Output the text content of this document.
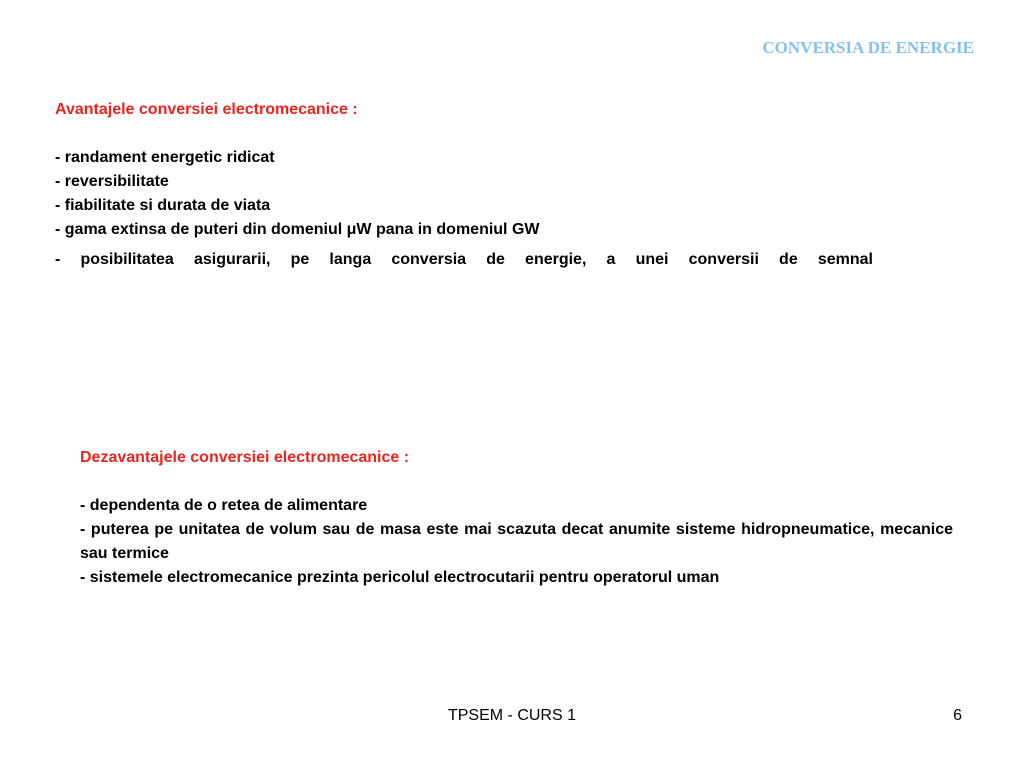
CONVERSIA DE ENERGIE
Avantajele conversiei electromecanice :
- randament energetic ridicat
- reversibilitate
- fiabilitate si durata de viata
- gama extinsa de puteri din domeniul μW pana in domeniul GW
- posibilitatea asigurarii, pe langa conversia de energie, a unei conversii de semnal
Dezavantajele conversiei electromecanice :
- dependenta de o retea de alimentare
- puterea pe unitatea de volum sau de masa este mai scazuta decat anumite sisteme hidropneumatice, mecanice sau termice
- sistemele electromecanice prezinta pericolul electrocutarii pentru operatorul uman
TPSEM - CURS 1	6
